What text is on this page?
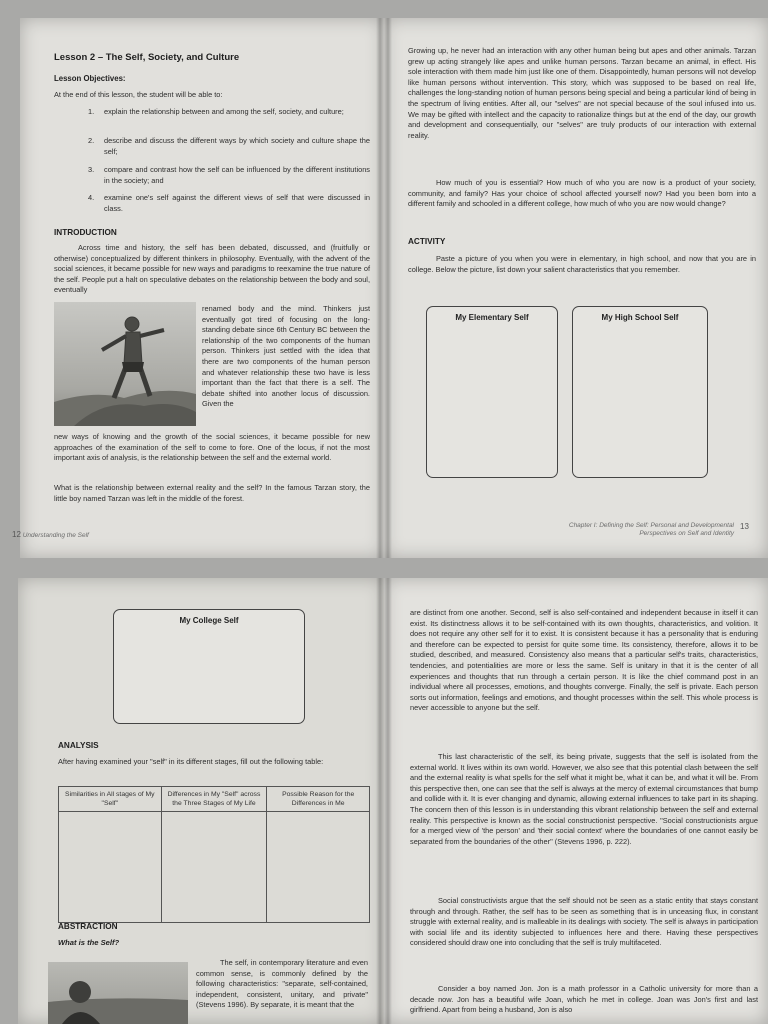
Lesson 2 – The Self, Society, and Culture
Lesson Objectives:
At the end of this lesson, the student will be able to:
1. explain the relationship between and among the self, society, and culture;
2. describe and discuss the different ways by which society and culture shape the self;
3. compare and contrast how the self can be influenced by the different institutions in the society; and
4. examine one's self against the different views of self that were discussed in class.
INTRODUCTION
Across time and history, the self has been debated, discussed, and (fruitfully or otherwise) conceptualized by different thinkers in philosophy. Eventually, with the advent of the social sciences, it became possible for new ways and paradigms to reexamine the true nature of the self. People put a halt on speculative debates on the relationship between the body and soul, eventually
renamed body and the mind. Thinkers just eventually got tired of focusing on the long-standing debate since 6th Century BC between the relationship of the two components of the human person. Thinkers just settled with the idea that there are two components of the human person and whatever relationship these two have is less important than the fact that there is a self. The debate shifted into another locus of discussion. Given the
new ways of knowing and the growth of the social sciences, it became possible for new approaches of the examination of the self to come to fore. One of the locus, if not the most important axis of analysis, is the relationship between the self and the external world.
What is the relationship between external reality and the self? In the famous Tarzan story, the little boy named Tarzan was left in the middle of the forest.
12 Understanding the Self
Growing up, he never had an interaction with any other human being but apes and other animals. Tarzan grew up acting strangely like apes and unlike human persons. Tarzan became an animal, in effect. His sole interaction with them made him just like one of them. Disappointedly, human persons will not develop like human persons without intervention. This story, which was supposed to be based on real life, challenges the long-standing notion of human persons being special and being a particular kind of being in the spectrum of living entities. After all, our "selves" are not special because of the soul infused into us. We may be gifted with intellect and the capacity to rationalize things but at the end of the day, our growth and development and consequentially, our "selves" are truly products of our interaction with external reality.
How much of you is essential? How much of who you are now is a product of your society, community, and family? Has your choice of school affected yourself now? Had you been born into a different family and schooled in a different college, how much of who you are now would change?
ACTIVITY
Paste a picture of you when you were in elementary, in high school, and now that you are in college. Below the picture, list down your salient characteristics that you remember.
My Elementary Self	My High School Self
Chapter I: Defining the Self: Personal and Developmental Perspectives on Self and Identity
13
My College Self
ANALYSIS
After having examined your "self" in its different stages, fill out the following table:
Similarities in All stages of My "Self"	Differences in My "Self" across the Three Stages of My Life	Possible Reason for the Differences in Me

ABSTRACTION
What is the Self?
The self, in contemporary literature and even common sense, is commonly defined by the following characteristics: "separate, self-contained, independent, consistent, unitary, and private" (Stevens 1996). By separate, it is meant that the
are distinct from one another. Second, self is also self-contained and independent because in itself it can exist. Its distinctness allows it to be self-contained with its own thoughts, characteristics, and volition. It does not require any other self for it to exist. It is consistent because it has a personality that is enduring and therefore can be expected to persist for quite some time. Its consistency, therefore, allows it to be studied, described, and measured. Consistency also means that a particular self's traits, characteristics, tendencies, and potentialities are more or less the same. Self is unitary in that it is the center of all experiences and thoughts that run through a certain person. It is like the chief command post in an individual where all processes, emotions, and thoughts converge. Finally, the self is private. Each person sorts out information, feelings and emotions, and thought processes within the self. This whole process is never accessible to anyone but the self.
This last characteristic of the self, its being private, suggests that the self is isolated from the external world. It lives within its own world. However, we also see that this potential clash between the self and the external reality is what spells for the self what it might be, what it can be, and what it will be. From this perspective then, one can see that the self is always at the mercy of external circumstances that bump and collide with it. It is ever changing and dynamic, allowing external influences to take part in its shaping. The concern then of this lesson is in understanding this vibrant relationship between the self and external reality. This perspective is known as the social constructionist perspective. "Social constructionists argue for a merged view of 'the person' and 'their social context' where the boundaries of one cannot easily be separated from the boundaries of the other" (Stevens 1996, p. 222).
Social constructivists argue that the self should not be seen as a static entity that stays constant through and through. Rather, the self has to be seen as something that is in unceasing flux, in constant struggle with external reality, and is malleable in its dealings with society. The self is always in participation with social life and its identity subjected to influences here and there. Having these perspectives considered should draw one into concluding that the self is truly multifaceted.
Consider a boy named Jon. Jon is a math professor in a Catholic university for more than a decade now. Jon has a beautiful wife Joan, which he met in college. Joan was Jon's first and last girlfriend. Apart from being a husband, Jon is also
